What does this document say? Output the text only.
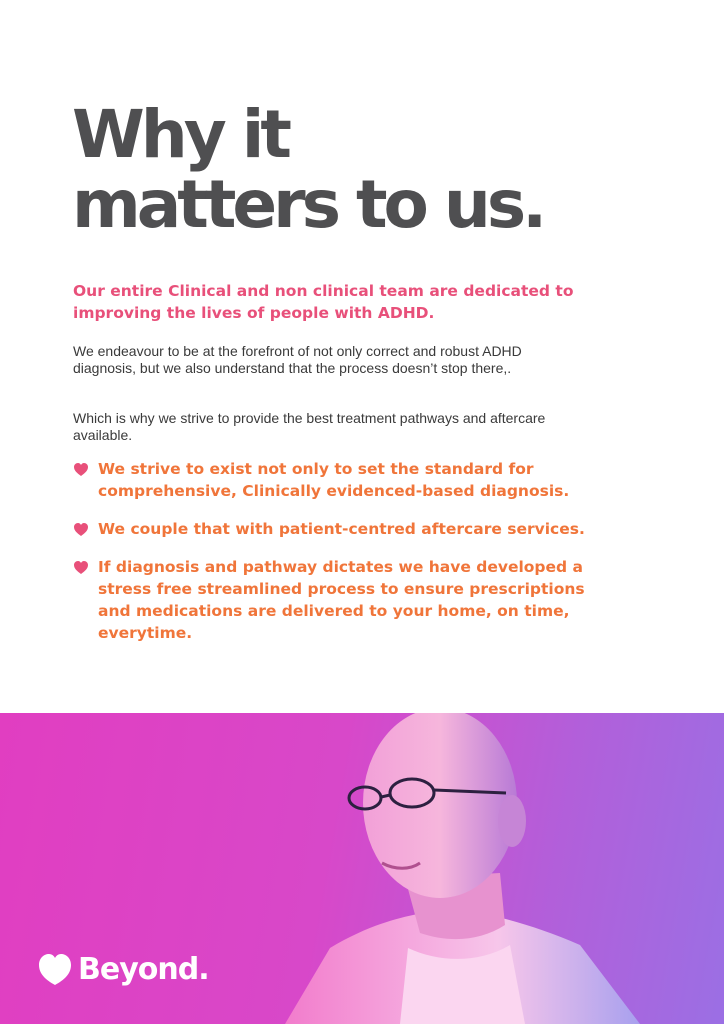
Why it
matters to us.

Our entire Clinical and non clinical team are dedicated to improving the lives of people with ADHD.

We endeavour to be at the forefront of not only correct and robust ADHD diagnosis, but we also understand that the process doesn’t stop there,.

Which is why we strive to provide the best treatment pathways and aftercare available.

We strive to exist not only to set the standard for comprehensive, Clinically evidenced-based diagnosis.
We couple that with patient-centred aftercare services.
If diagnosis and pathway dictates we have developed a stress free streamlined process to ensure prescriptions and medications are delivered to your home, on time, everytime.
Beyond.
